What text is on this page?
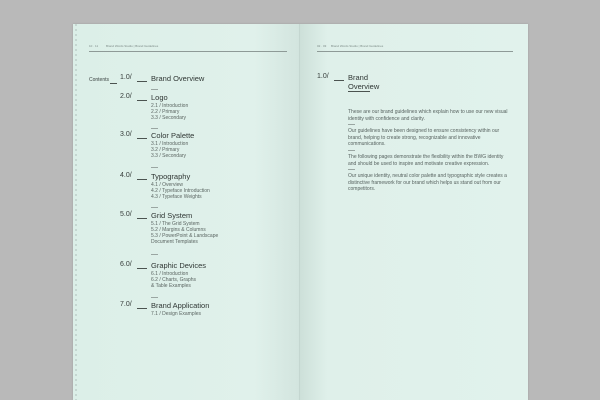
10 · 11	Brand Words Studio | Brand Guidelines
Contents 1.0/	Brand Overview
2.0/	Logo
2.1 / Introduction
2.2 / Primary
3.3 / Secondary
3.0/	Color Palette
3.1 / Introduction
3.2 / Primary
3.3 / Secondary
4.0/	Typography
4.1 / Overview
4.2 / Typeface Introduction
4.3 / Typeface Weights
5.0/	Grid System
5.1 / The Grid System
5.2 / Margins & Columns
5.3 / PowerPoint & Landscape
Document Templates
6.0/	Graphic Devices
6.1 / Introduction
6.2 / Charts, Graphs
& Table Examples
7.0/	Brand Application
7.1 / Design Examples
02 · 03 Brand Words Studio | Brand Guidelines
1.0/	Brand
Overview

These are our brand guidelines which explain how to use our new visual identity with confidence and clarity.

Our guidelines have been designed to ensure consistency within our brand, helping to create strong, recognizable and innovative communications.

The following pages demonstrate the flexibility within the BWG identity and should be used to inspire and motivate creative expression.

Our unique identity, neutral color palette and typographic style creates a distinctive framework for our brand which helps us stand out from our competitors.
